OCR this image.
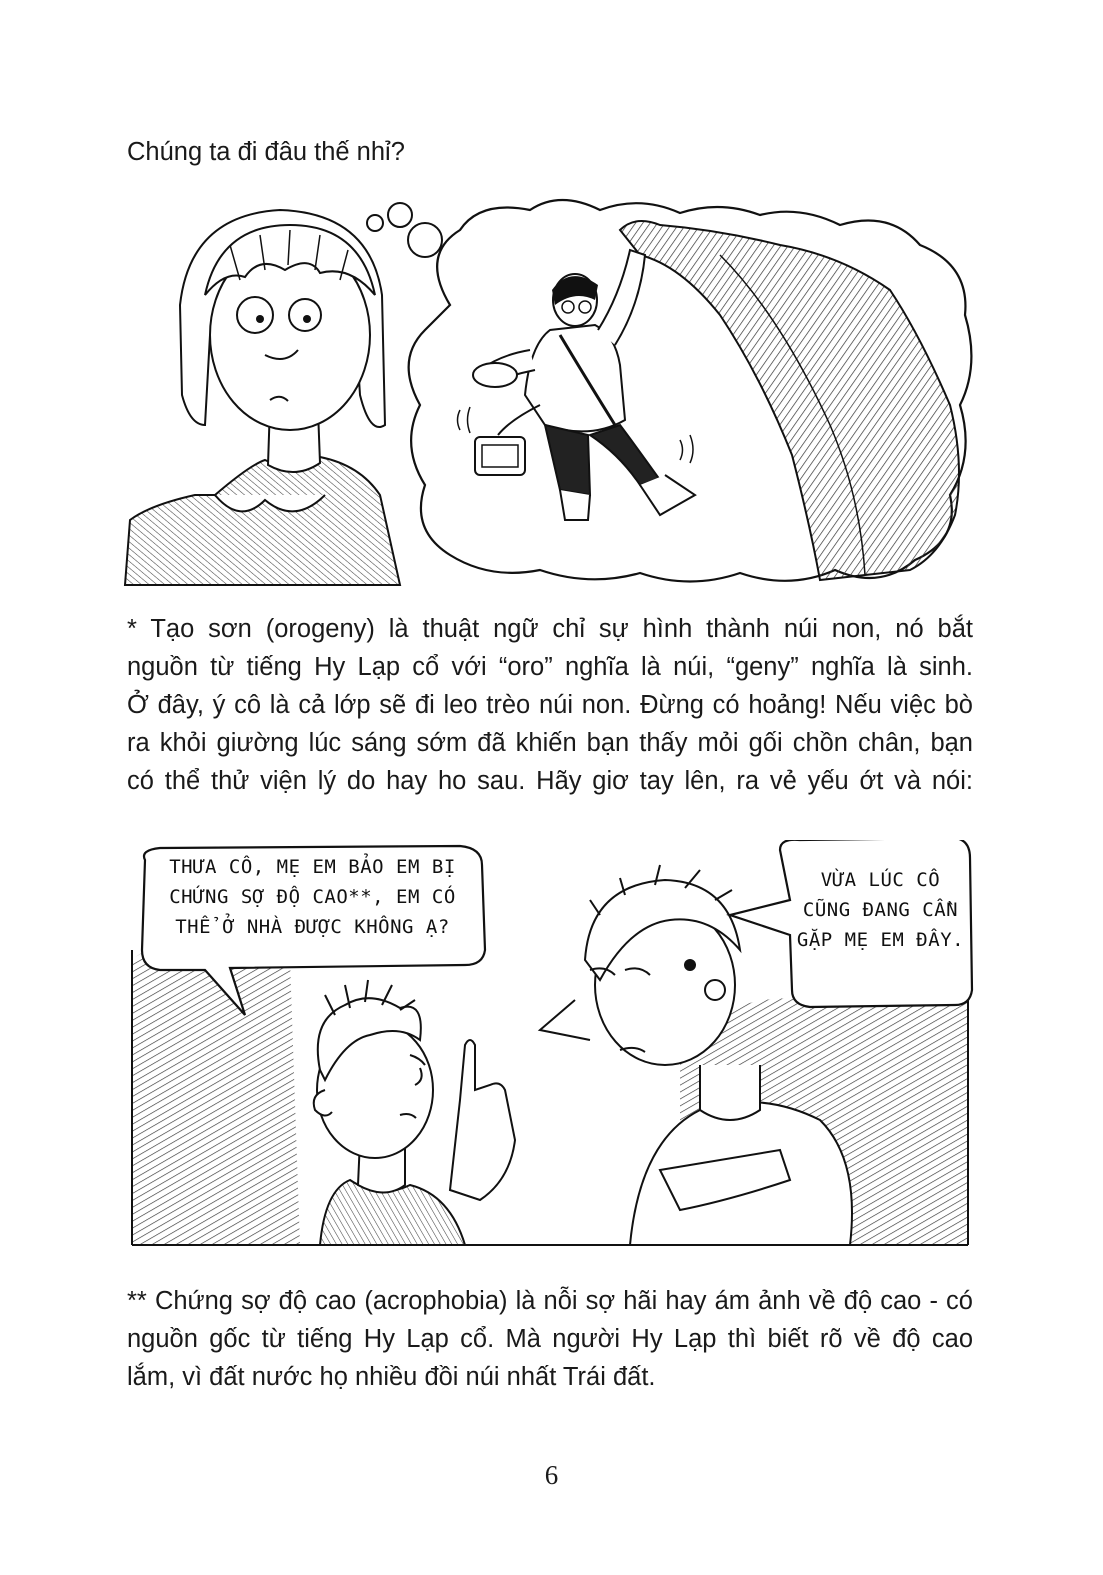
Chúng ta đi đâu thế nhỉ?
* Tạo sơn (orogeny) là thuật ngữ chỉ sự hình thành núi non, nó bắt
nguồn từ tiếng Hy Lạp cổ với “oro” nghĩa là núi, “geny” nghĩa là sinh.
Ở đây, ý cô là cả lớp sẽ đi leo trèo núi non. Đừng có hoảng! Nếu việc bò
ra khỏi giường lúc sáng sớm đã khiến bạn thấy mỏi gối chồn chân, bạn
có thể thử viện lý do hay ho sau. Hãy giơ tay lên, ra vẻ yếu ớt và nói:
THƯA CÔ, MẸ EM BẢO EM BỊ
CHỨNG SỢ ĐỘ CAO**, EM CÓ
THỂ Ở NHÀ ĐƯỢC KHÔNG Ạ?
VỪA LÚC CÔ
CŨNG ĐANG CẦN
GẶP MẸ EM ĐÂY.
** Chứng sợ độ cao (acrophobia) là nỗi sợ hãi hay ám ảnh về độ cao - có
nguồn gốc từ tiếng Hy Lạp cổ. Mà người Hy Lạp thì biết rõ về độ cao
lắm, vì đất nước họ nhiều đồi núi nhất Trái đất.
6
